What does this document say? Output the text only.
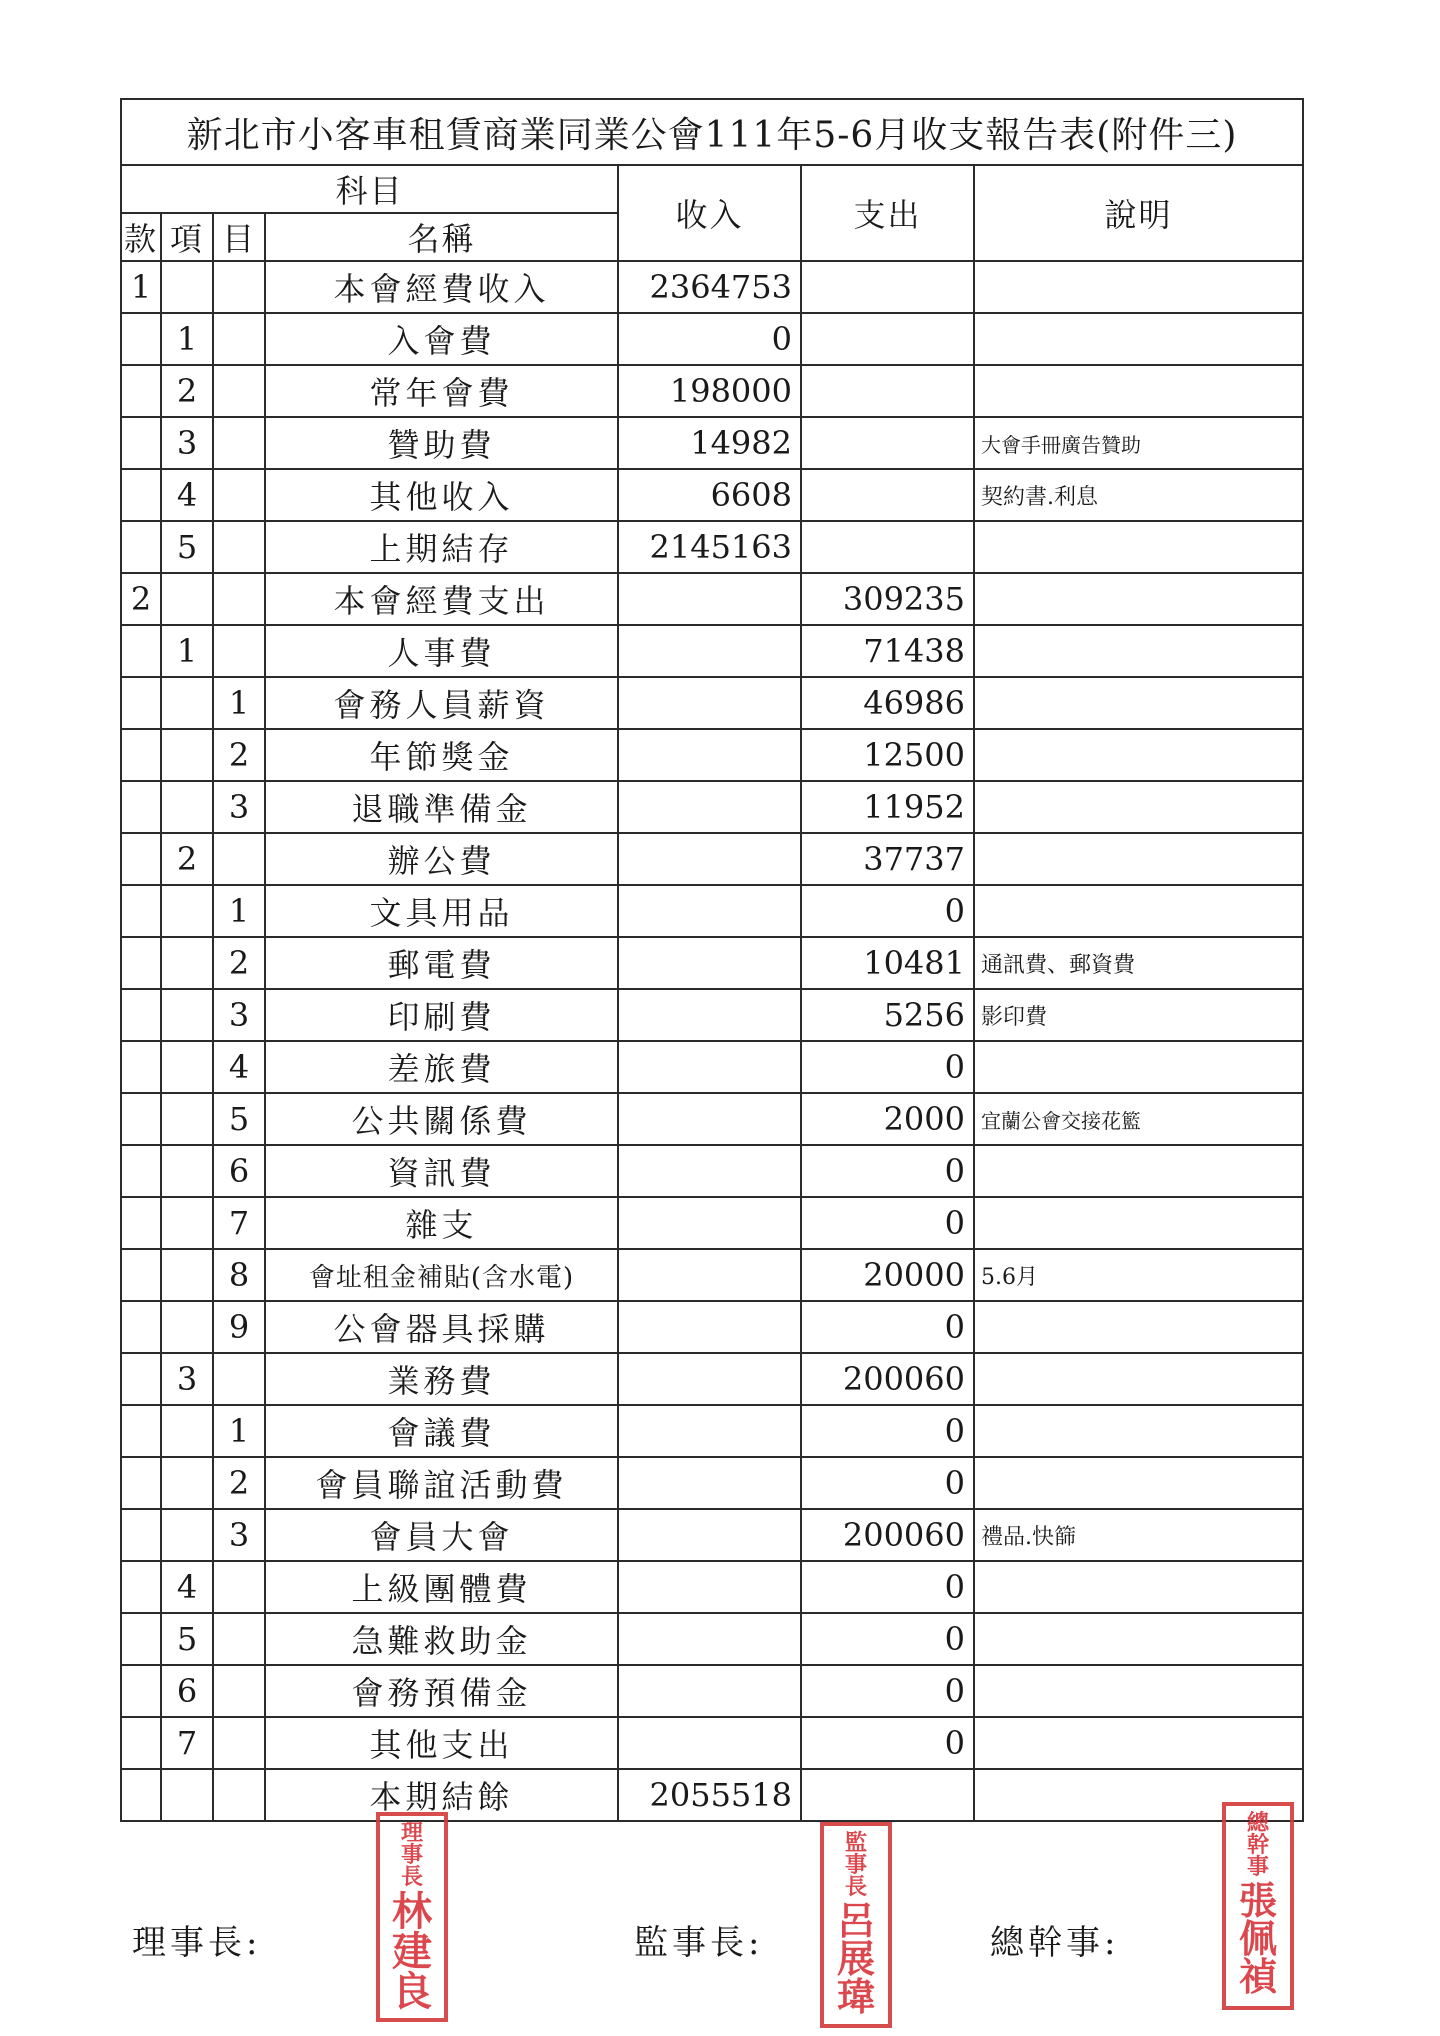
新北市小客車租賃商業同業公會111年5-6月收支報告表(附件三)						
科目				收入	支出	說明
款	項	目	名稱			
1			本會經費收入	2364753		
	1		入會費	0		
	2		常年會費	198000		
	3		贊助費	14982		大會手冊廣告贊助
	4		其他收入	6608		契約書.利息
	5		上期結存	2145163		
2			本會經費支出		309235	
	1		人事費		71438	
		1	會務人員薪資		46986	
		2	年節獎金		12500	
		3	退職準備金		11952	
	2		辦公費		37737	
		1	文具用品		0	
		2	郵電費		10481	通訊費、郵資費
		3	印刷費		5256	影印費
		4	差旅費		0	
		5	公共關係費		2000	宜蘭公會交接花籃
		6	資訊費		0	
		7	雜支		0	
		8	會址租金補貼(含水電)		20000	5.6月
		9	公會器具採購		0	
	3		業務費		200060	
		1	會議費		0	
		2	會員聯誼活動費		0	
		3	會員大會		200060	禮品.快篩
	4		上級團體費		0	
	5		急難救助金		0	
	6		會務預備金		0	
	7		其他支出		0	
			本期結餘	2055518		
理事長:	監事長:	總幹事:
理
事
長
林
建
良
監
事
長
呂
展
瑋
總
幹
事
張
佩
禎
